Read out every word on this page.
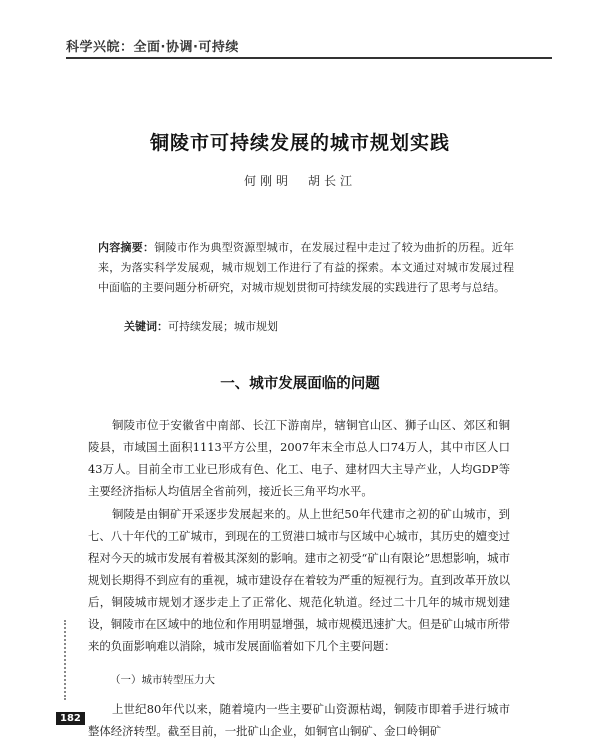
科学兴皖：全面·协调·可持续
铜陵市可持续发展的城市规划实践
何刚明　胡长江
内容摘要：铜陵市作为典型资源型城市，在发展过程中走过了较为曲折的历程。近年来，为落实科学发展观，城市规划工作进行了有益的探索。本文通过对城市发展过程中面临的主要问题分析研究，对城市规划贯彻可持续发展的实践进行了思考与总结。
关键词：可持续发展；城市规划
一、城市发展面临的问题
铜陵市位于安徽省中南部、长江下游南岸，辖铜官山区、狮子山区、郊区和铜陵县，市域国土面积1113平方公里，2007年末全市总人口74万人，其中市区人口43万人。目前全市工业已形成有色、化工、电子、建材四大主导产业，人均GDP等主要经济指标人均值居全省前列，接近长三角平均水平。
铜陵是由铜矿开采逐步发展起来的。从上世纪50年代建市之初的矿山城市，到七、八十年代的工矿城市，到现在的工贸港口城市与区域中心城市，其历史的嬗变过程对今天的城市发展有着极其深刻的影响。建市之初受“矿山有限论”思想影响，城市规划长期得不到应有的重视，城市建设存在着较为严重的短视行为。直到改革开放以后，铜陵城市规划才逐步走上了正常化、规范化轨道。经过二十几年的城市规划建设，铜陵市在区域中的地位和作用明显增强，城市规模迅速扩大。但是矿山城市所带来的负面影响难以消除，城市发展面临着如下几个主要问题：
（一）城市转型压力大
上世纪80年代以来，随着境内一些主要矿山资源枯竭，铜陵市即着手进行城市整体经济转型。截至目前，一批矿山企业，如铜官山铜矿、金口岭铜矿
182
